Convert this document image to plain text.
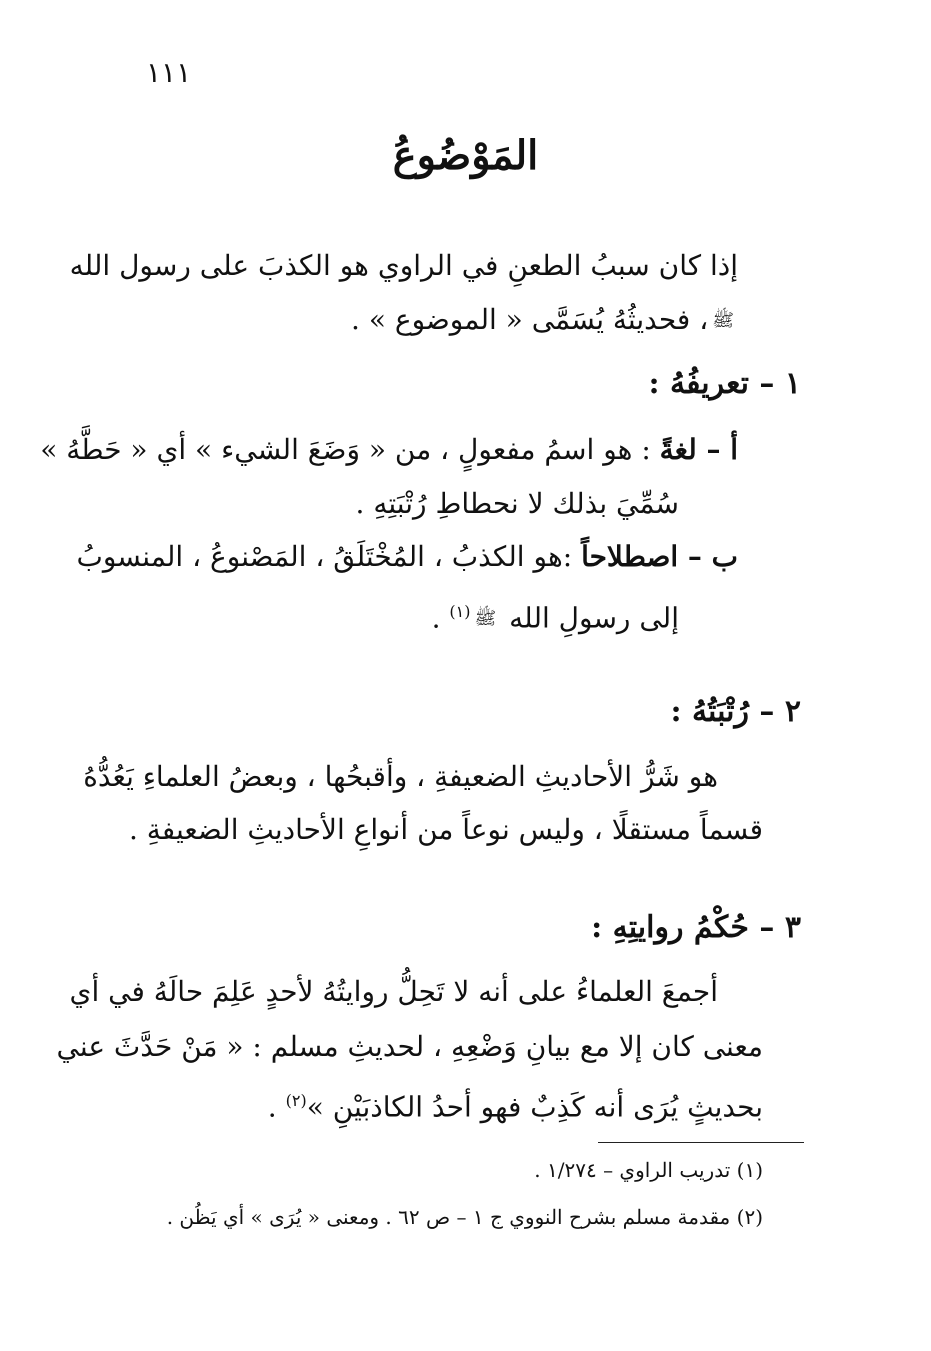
١١١
المَوْضُوعُ
إذا كان سببُ الطعنِ في الراوي هو الكذبَ على رسول الله
ﷺ، فحديثُهُ يُسَمَّى « الموضوع » .
١ – تعريفُهُ :
أ – لغةً : هو اسمُ مفعولٍ ، من « وَضَعَ الشيء » أي « حَطَّهُ »
سُمِّيَ بذلك لا نحطاطِ رُتْبَتِهِ .
ب – اصطلاحاً :هو الكذبُ ، المُخْتَلَقُ ، المَصْنوعُ ، المنسوبُ
إلى رسولِ الله ﷺ$^{(١)}$ .
٢ – رُتْبَتُهُ :
هو شَرُّ الأحاديثِ الضعيفةِ ، وأقبحُها ، وبعضُ العلماءِ يَعُدُّهُ
قسماً مستقلًا ، وليس نوعاً من أنواعِ الأحاديثِ الضعيفةِ .
٣ – حُكْمُ روايتِهِ :
أجمعَ العلماءُ على أنه لا تَحِلُّ روايتُهُ لأحدٍ عَلِمَ حالَهُ في أي
معنى كان إلا مع بيانِ وَضْعِهِ ، لحديثِ مسلم : « مَنْ حَدَّثَ عني
بحديثٍ يُرَى أنه كَذِبٌ فهو أحدُ الكاذبَيْنِ »$^{(٢)}$ .
(١) تدريب الراوي – ١/٢٧٤ .
(٢) مقدمة مسلم بشرح النووي ج ١ – ص ٦٢ . ومعنى « يُرَى » أي يَظُن .
